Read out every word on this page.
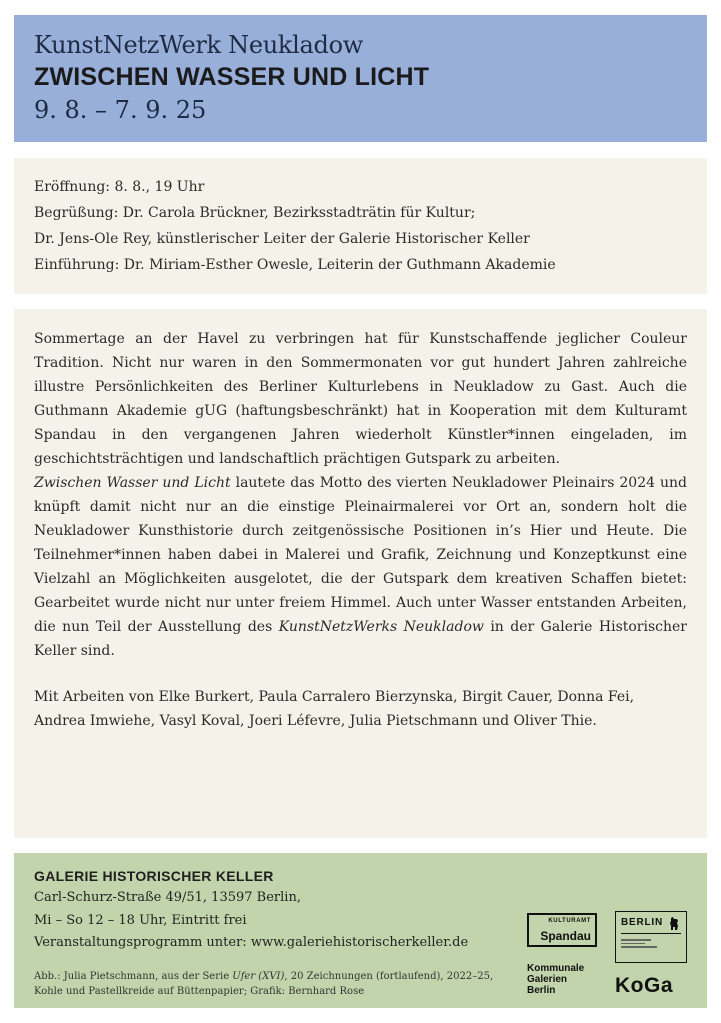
KunstNetzWerk Neukladow
ZWISCHEN WASSER UND LICHT
9. 8. – 7. 9. 25
Eröffnung: 8. 8., 19 Uhr
Begrüßung: Dr. Carola Brückner, Bezirksstadträtin für Kultur;
Dr. Jens-Ole Rey, künstlerischer Leiter der Galerie Historischer Keller
Einführung: Dr. Miriam-Esther Owesle, Leiterin der Guthmann Akademie

Sommertage an der Havel zu verbringen hat für Kunstschaffende jeglicher Couleur Tradition. Nicht nur waren in den Sommermonaten vor gut hundert Jahren zahlreiche illustre Persönlichkeiten des Berliner Kulturlebens in Neukladow zu Gast. Auch die Guthmann Akademie gUG (haftungsbeschränkt) hat in Kooperation mit dem Kulturamt Spandau in den vergangenen Jahren wiederholt Künstler*innen eingeladen, im geschichtsträchtigen und landschaftlich prächtigen Gutspark zu arbeiten.

Zwischen Wasser und Licht lautete das Motto des vierten Neukladower Pleinairs 2024 und knüpft damit nicht nur an die einstige Pleinairmalerei vor Ort an, sondern holt die Neukladower Kunsthistorie durch zeitgenössische Positionen in’s Hier und Heute. Die Teilnehmer*innen haben dabei in Malerei und Grafik, Zeichnung und Konzeptkunst eine Vielzahl an Möglichkeiten ausgelotet, die der Gutspark dem kreativen Schaffen bietet: Gearbeitet wurde nicht nur unter freiem Himmel. Auch unter Wasser entstanden Arbeiten, die nun Teil der Ausstellung des KunstNetzWerks Neukladow in der Galerie Historischer Keller sind.

Mit Arbeiten von Elke Burkert, Paula Carralero Bierzynska, Birgit Cauer, Donna Fei, Andrea Imwiehe, Vasyl Koval, Joeri Léfevre, Julia Pietschmann und Oliver Thie.

GALERIE HISTORISCHER KELLER
Carl-Schurz-Straße 49/51, 13597 Berlin,
Mi – So 12 – 18 Uhr, Eintritt frei
Veranstaltungsprogramm unter: www.galeriehistorischerkeller.de
Abb.: Julia Pietschmann, aus der Serie Ufer (XVI), 20 Zeichnungen (fortlaufend), 2022–25,
Kohle und Pastellkreide auf Büttenpapier; Grafik: Bernhard Rose
KULTURAMT
Spandau
Kommunale
Galerien
Berlin
BERLIN
KoGa
